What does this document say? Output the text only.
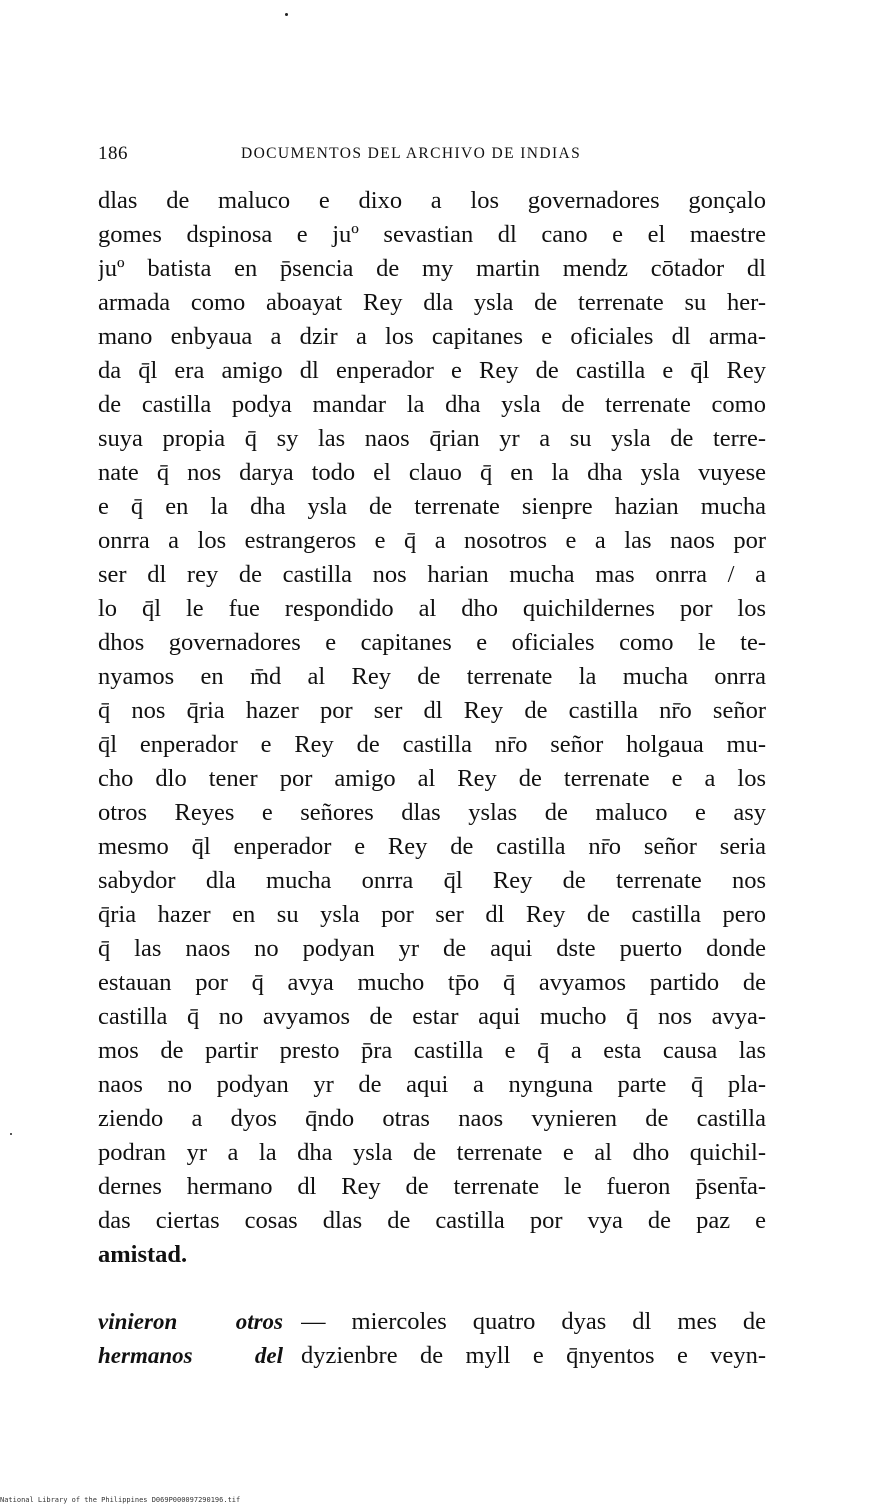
186	DOCUMENTOS DEL ARCHIVO DE INDIAS
dlas de maluco e dixo a los governadores gonçalo
gomes dspinosa e juº sevastian dl cano e el maestre
juº batista en p̄sencia de my martin mendz cōtador dl
armada como aboayat Rey dla ysla de terrenate su her-
mano enbyaua a dzir a los capitanes e oficiales dl arma-
da q̄l era amigo dl enperador e Rey de castilla e q̄l Rey
de castilla podya mandar la dha ysla de terrenate como
suya propia q̄ sy las naos q̄rian yr a su ysla de terre-
nate q̄ nos darya todo el clauo q̄ en la dha ysla vuyese
e q̄ en la dha ysla de terrenate sienpre hazian mucha
onrra a los estrangeros e q̄ a nosotros e a las naos por
ser dl rey de castilla nos harian mucha mas onrra / a
lo q̄l le fue respondido al dho quichildernes por los
dhos governadores e capitanes e oficiales como le te-
nyamos en m̄d al Rey de terrenate la mucha onrra
q̄ nos q̄ria hazer por ser dl Rey de castilla nr̄o señor
q̄l enperador e Rey de castilla nr̄o señor holgaua mu-
cho dlo tener por amigo al Rey de terrenate e a los
otros Reyes e señores dlas yslas de maluco e asy
mesmo q̄l enperador e Rey de castilla nr̄o señor seria
sabydor dla mucha onrra q̄l Rey de terrenate nos
q̄ria hazer en su ysla por ser dl Rey de castilla pero
q̄ las naos no podyan yr de aqui dste puerto donde
estauan por q̄ avya mucho tp̄o q̄ avyamos partido de
castilla q̄ no avyamos de estar aqui mucho q̄ nos avya-
mos de partir presto p̄ra castilla e q̄ a esta causa las
naos no podyan yr de aqui a nynguna parte q̄ pla-
ziendo a dyos q̄ndo otras naos vynieren de castilla
podran yr a la dha ysla de terrenate e al dho quichil-
dernes hermano dl Rey de terrenate le fueron p̄sent̄a-
das ciertas cosas dlas de castilla por vya de paz e
amistad.
vinieron otros
hermanos del
— miercoles quatro dyas dl mes de
dyzienbre de myll e q̄nyentos e veyn-
National Library of the Philippines D069P000097290196.tif
